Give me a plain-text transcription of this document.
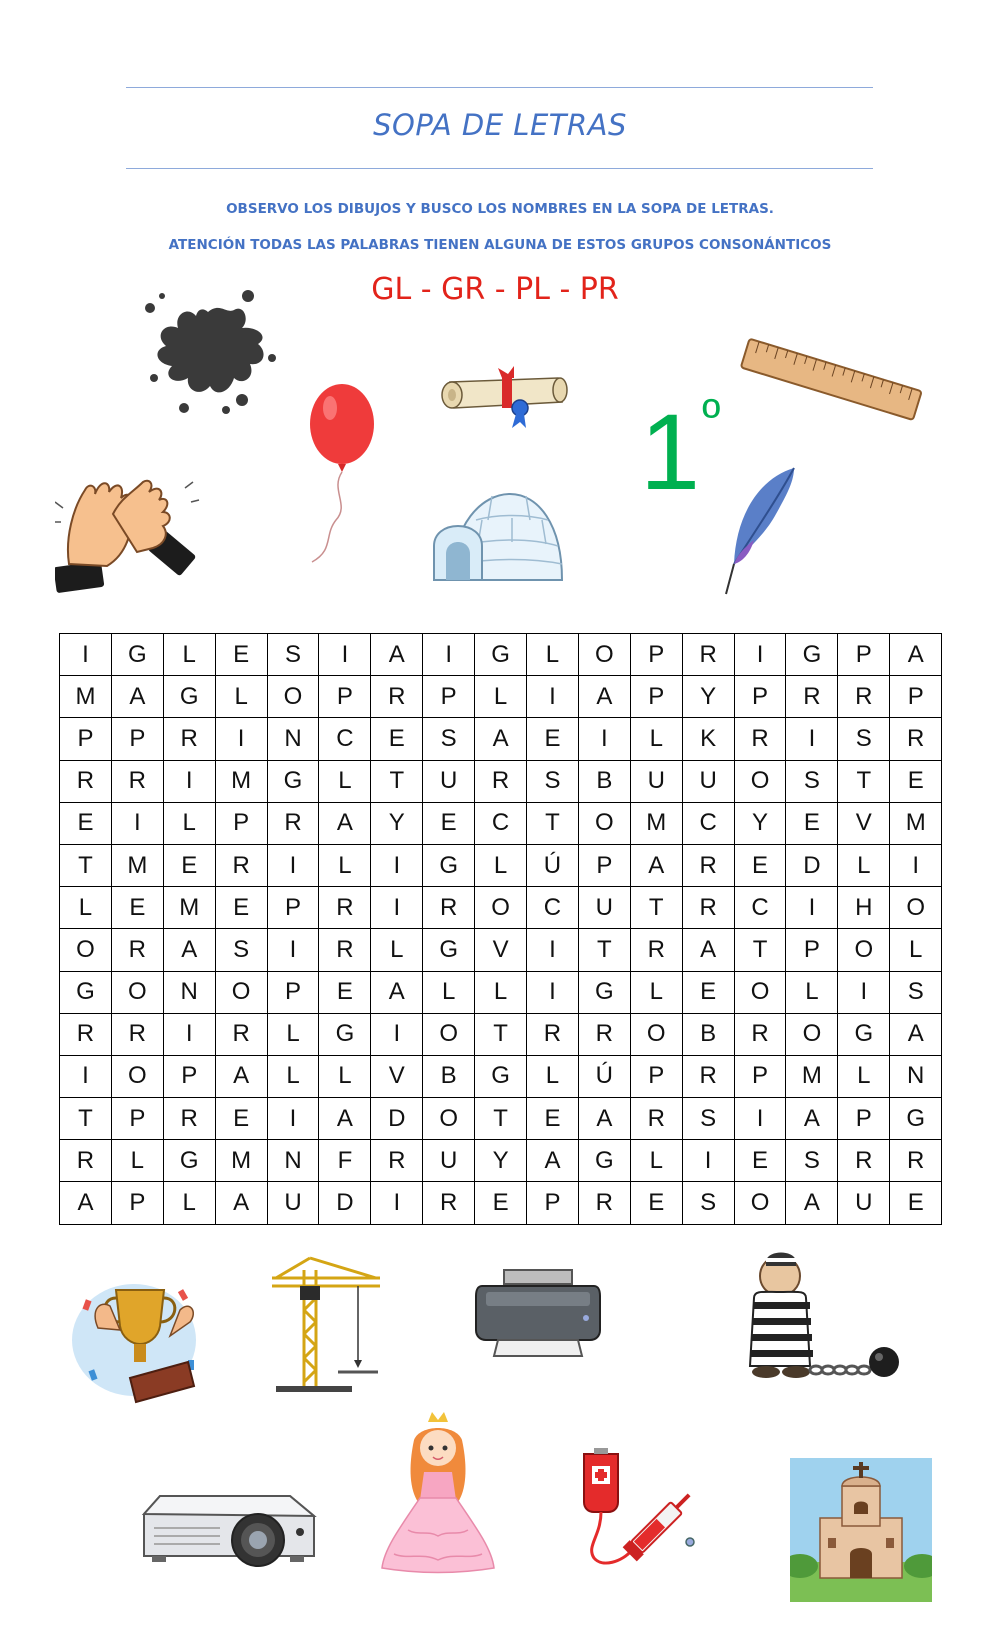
SOPA DE LETRAS
OBSERVO LOS DIBUJOS Y BUSCO LOS NOMBRES EN LA SOPA DE LETRAS.
ATENCIÓN TODAS LAS PALABRAS TIENEN ALGUNA DE ESTOS GRUPOS CONSONÁNTICOS
GL - GR - PL - PR
$1^º$
I	G	L	E	S	I	A	I	G	L	O	P	R	I	G	P	A
M	A	G	L	O	P	R	P	L	I	A	P	Y	P	R	R	P
P	P	R	I	N	C	E	S	A	E	I	L	K	R	I	S	R
R	R	I	M	G	L	T	U	R	S	B	U	U	O	S	T	E
E	I	L	P	R	A	Y	E	C	T	O	M	C	Y	E	V	M
T	M	E	R	I	L	I	G	L	Ú	P	A	R	E	D	L	I
L	E	M	E	P	R	I	R	O	C	U	T	R	C	I	H	O
O	R	A	S	I	R	L	G	V	I	T	R	A	T	P	O	L
G	O	N	O	P	E	A	L	L	I	G	L	E	O	L	I	S
R	R	I	R	L	G	I	O	T	R	R	O	B	R	O	G	A
I	O	P	A	L	L	V	B	G	L	Ú	P	R	P	M	L	N
T	P	R	E	I	A	D	O	T	E	A	R	S	I	A	P	G
R	L	G	M	N	F	R	U	Y	A	G	L	I	E	S	R	R
A	P	L	A	U	D	I	R	E	P	R	E	S	O	A	U	E
